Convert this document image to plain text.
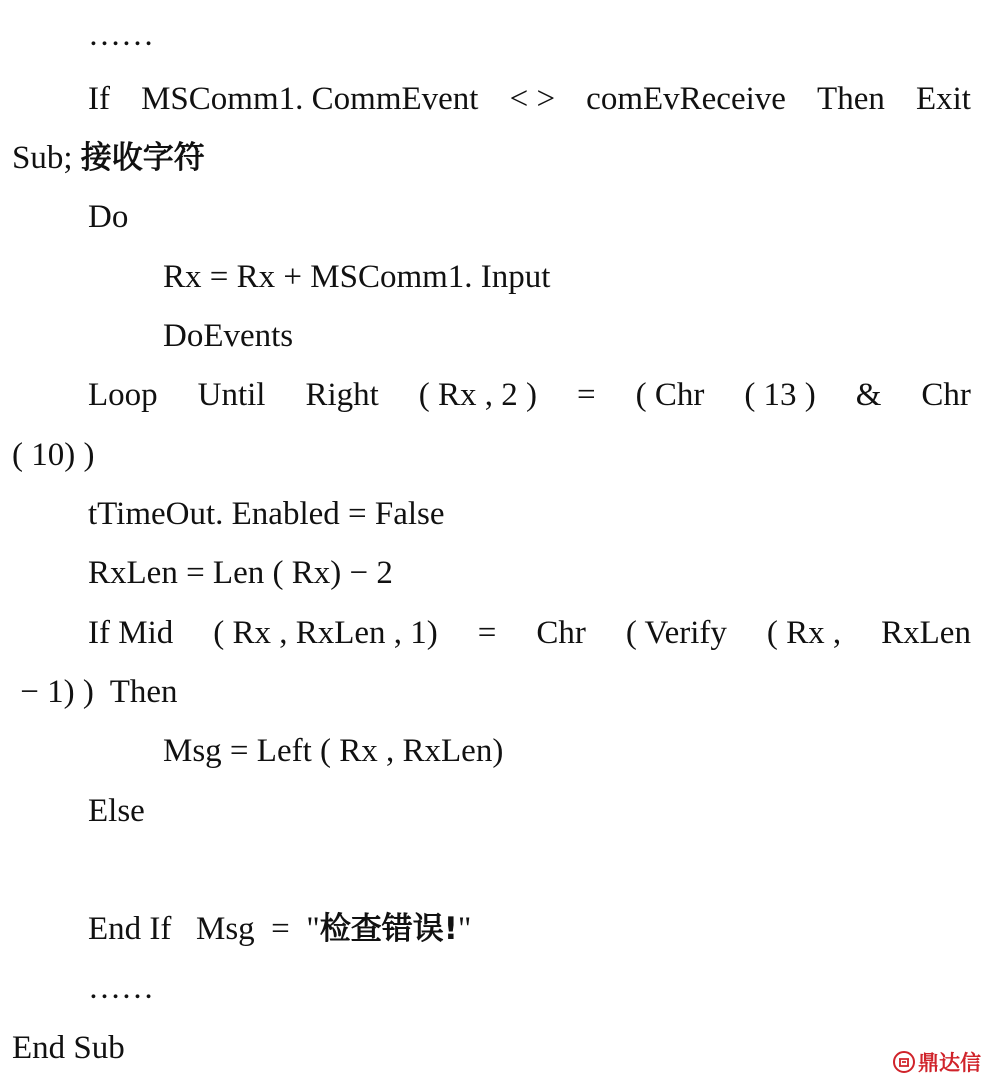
……
If MSComm1. CommEvent < > comEvReceive Then Exit
Sub; 接收字符
Do
Rx = Rx + MSComm1. Input
DoEvents
Loop Until Right ( Rx , 2 ) = ( Chr ( 13 ) & Chr
( 10) )
tTimeOut. Enabled = False
RxLen = Len ( Rx) − 2
If Mid ( Rx , RxLen , 1) = Chr ( Verify ( Rx , RxLen
− 1) )  Then
Msg = Left ( Rx , RxLen)
Else

Msg  =  "检查错误!"

End If
……
End Sub	鼎达信
